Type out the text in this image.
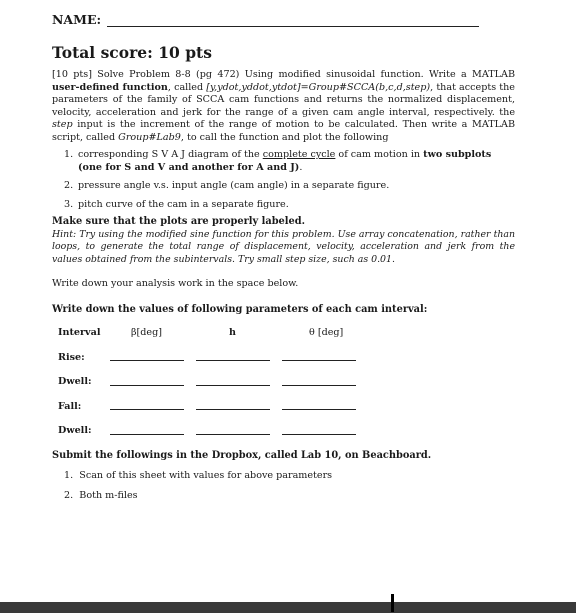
NAME:
Total score: 10 pts
[10 pts] Solve Problem 8-8 (pg 472) Using modified sinusoidal function. Write a MATLAB user-defined function, called [y,ydot,yddot,ytdot]=Group#SCCA(b,c,d,step), that accepts the parameters of the family of SCCA cam functions and returns the normalized displacement, velocity, acceleration and jerk for the range of a given cam angle interval, respectively. the step input is the increment of the range of motion to be calculated. Then write a MATLAB script, called Group#Lab9, to call the function and plot the following
1. corresponding S V A J diagram of the complete cycle of cam motion in two subplots (one for S and V and another for A and J).
2. pressure angle v.s. input angle (cam angle) in a separate figure.
3. pitch curve of the cam in a separate figure.
Make sure that the plots are properly labeled.
Hint: Try using the modified sine function for this problem. Use array concatenation, rather than loops, to generate the total range of displacement, velocity, acceleration and jerk from the values obtained from the subintervals. Try small step size, such as 0.01.
Write down your analysis work in the space below.
Write down the values of following parameters of each cam interval:
Interval	β[deg]	h	θ [deg]
Rise:
Dwell:
Fall:
Dwell:
Submit the followings in the Dropbox, called Lab 10, on Beachboard.
1. Scan of this sheet with values for above parameters
2. Both m-files
